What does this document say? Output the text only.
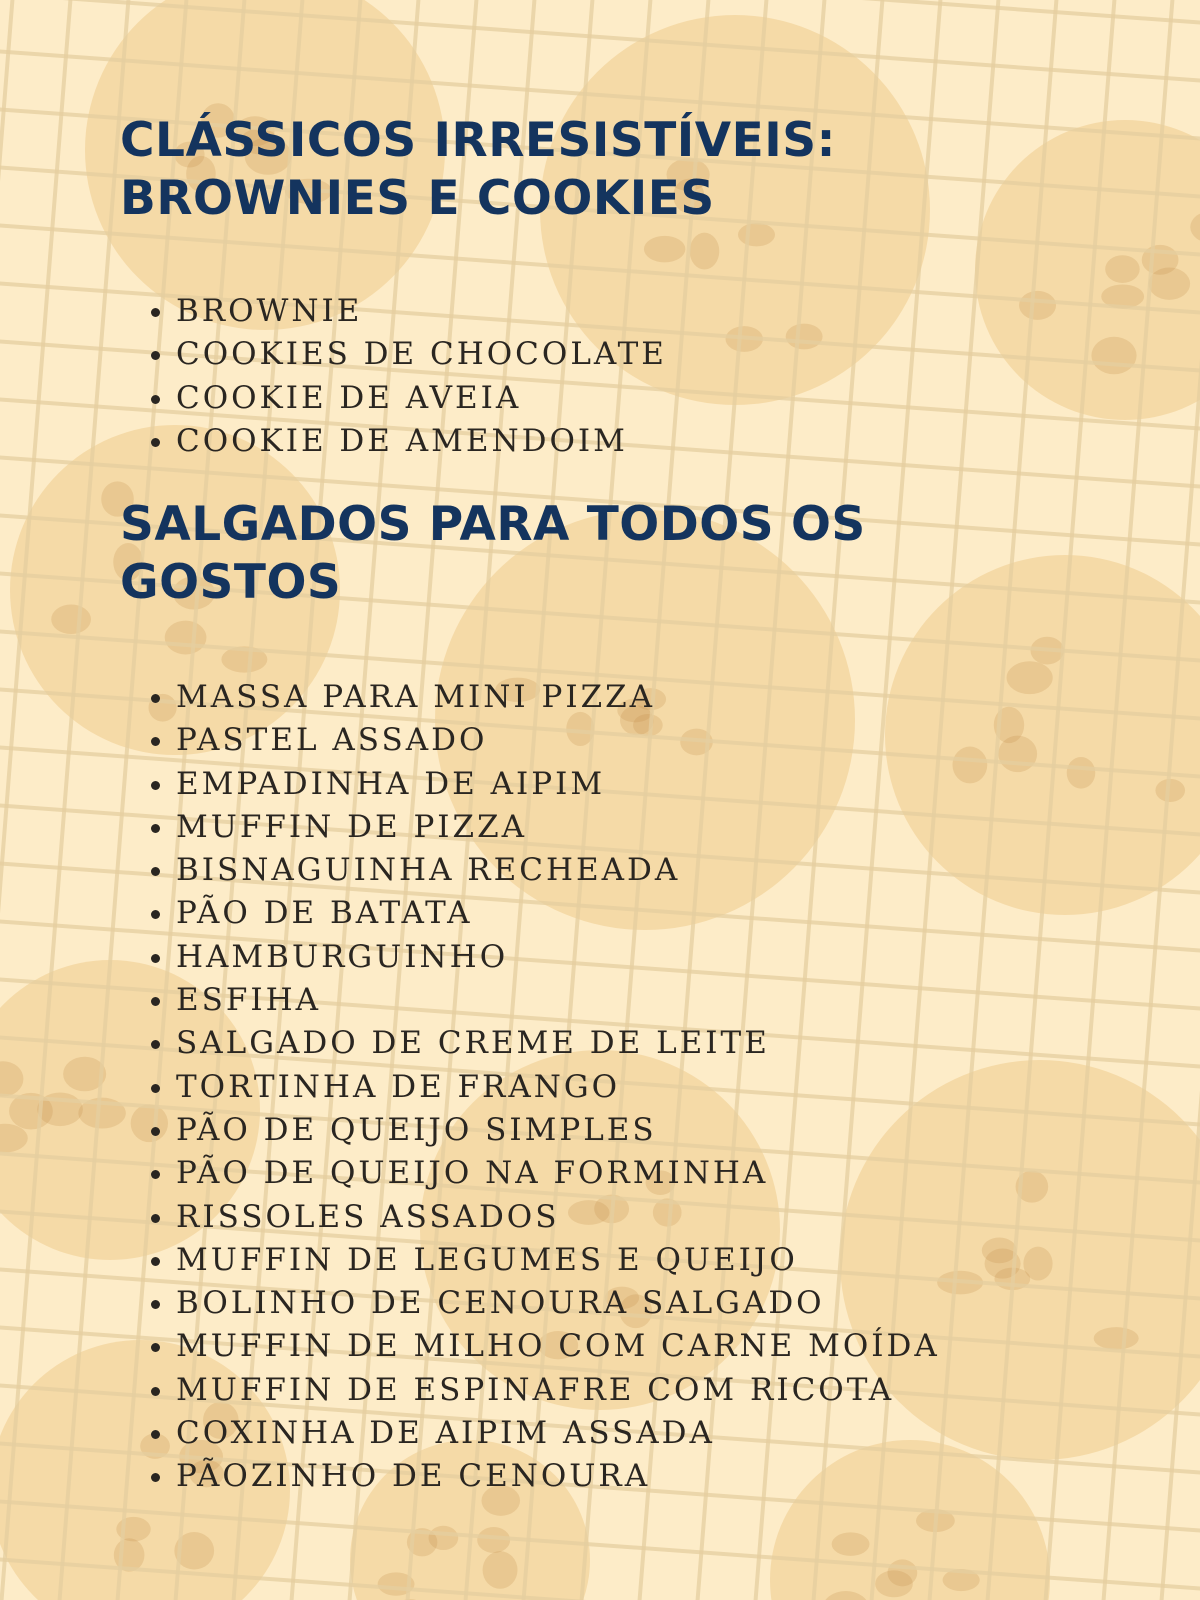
CLÁSSICOS IRRESISTÍVEIS: BROWNIES E COOKIES
• BROWNIE
• COOKIES DE CHOCOLATE
• COOKIE DE AVEIA
• COOKIE DE AMENDOIM
SALGADOS PARA TODOS OS GOSTOS
• MASSA PARA MINI PIZZA
• PASTEL ASSADO
• EMPADINHA DE AIPIM
• MUFFIN DE PIZZA
• BISNAGUINHA RECHEADA
• PÃO DE BATATA
• HAMBURGUINHO
• ESFIHA
• SALGADO DE CREME DE LEITE
• TORTINHA DE FRANGO
• PÃO DE QUEIJO SIMPLES
• PÃO DE QUEIJO NA FORMINHA
• RISSOLES ASSADOS
• MUFFIN DE LEGUMES E QUEIJO
• BOLINHO DE CENOURA SALGADO
• MUFFIN DE MILHO COM CARNE MOÍDA
• MUFFIN DE ESPINAFRE COM RICOTA
• COXINHA DE AIPIM ASSADA
• PÃOZINHO DE CENOURA
